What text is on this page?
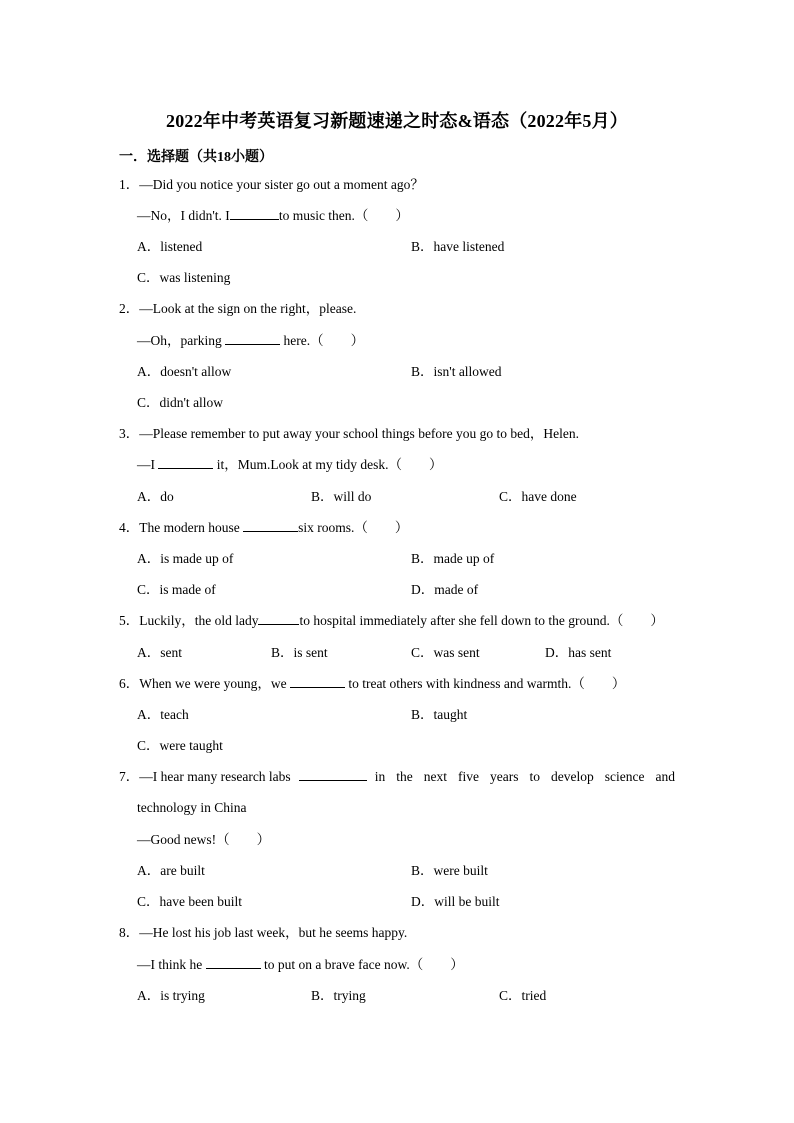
2022年中考英语复习新题速递之时态&语态（2022年5月）
一．选择题（共18小题）
1．—Did you notice your sister go out a moment ago？
—No，I didn't. I	to music then.（　　）
A．listened	B．have listened
C．was listening
2．—Look at the sign on the right，please.
—Oh，parking	here.（　　）
A．doesn't allow	B．isn't allowed
C．didn't allow
3．—Please remember to put away your school things before you go to bed，Helen.
—I	it，Mum.Look at my tidy desk.（　　）
A．do	B．will do	C．have done
4．The modern house	six rooms.（　　）
A．is made up of	B．made up of
C．is made of	D．made of
5．Luckily，the old lady	to hospital immediately after she fell down to the ground.（　　）
A．sent	B．is sent	C．was sent	D．has sent
6．When we were young，we	to treat others with kindness and warmth.（　　）
A．teach	B．taught
C．were taught
7．—I hear many research labs	in the next five years to develop science and
technology in China
—Good news!（　　）
A．are built	B．were built
C．have been built	D．will be built
8．—He lost his job last week，but he seems happy.
—I think he	to put on a brave face now.（　　）
A．is trying	B．trying	C．tried
